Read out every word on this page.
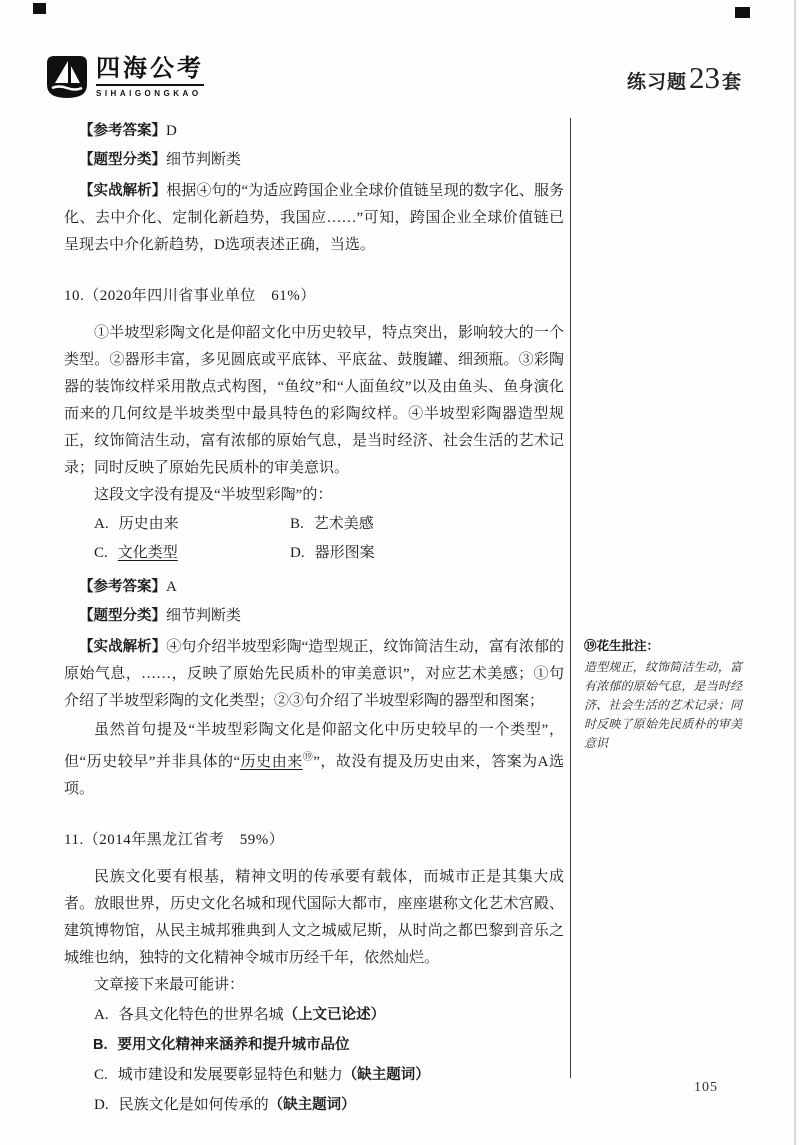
四海公考
SIHAIGONGKAO
练习题 23 套

【参考答案】D

【题型分类】细节判断类

【实战解析】根据④句的“为适应跨国企业全球价值链呈现的数字化、服务化、去中介化、定制化新趋势，我国应……”可知，跨国企业全球价值链已呈现去中介化新趋势，D选项表述正确，当选。

10.（2020年四川省事业单位　61%）

①半坡型彩陶文化是仰韶文化中历史较早，特点突出，影响较大的一个类型。②器形丰富，多见圆底或平底钵、平底盆、鼓腹罐、细颈瓶。③彩陶器的装饰纹样采用散点式构图，“鱼纹”和“人面鱼纹”以及由鱼头、鱼身演化而来的几何纹是半坡类型中最具特色的彩陶纹样。④半坡型彩陶器造型规正，纹饰简洁生动，富有浓郁的原始气息，是当时经济、社会生活的艺术记录；同时反映了原始先民质朴的审美意识。

这段文字没有提及“半坡型彩陶”的：

A. 历史由来	B. 艺术美感
C. 文化类型	D. 器形图案

【参考答案】A

【题型分类】细节判断类

【实战解析】④句介绍半坡型彩陶“造型规正，纹饰简洁生动，富有浓郁的原始气息，……，反映了原始先民质朴的审美意识”，对应艺术美感；①句介绍了半坡型彩陶的文化类型；②③句介绍了半坡型彩陶的器型和图案；

虽然首句提及“半坡型彩陶文化是仰韶文化中历史较早的一个类型”，但“历史较早”并非具体的“历史由来⑲”，故没有提及历史由来，答案为A选项。

11.（2014年黑龙江省考　59%）

民族文化要有根基，精神文明的传承要有载体，而城市正是其集大成者。放眼世界，历史文化名城和现代国际大都市，座座堪称文化艺术宫殿、建筑博物馆，从民主城邦雅典到人文之城威尼斯，从时尚之都巴黎到音乐之城维也纳，独特的文化精神令城市历经千年，依然灿烂。

文章接下来最可能讲：

A. 各具文化特色的世界名城（上文已论述）

B. 要用文化精神来涵养和提升城市品位

C. 城市建设和发展要彰显特色和魅力（缺主题词）

D. 民族文化是如何传承的（缺主题词）

⑲花生批注：
造型规正，纹饰简洁生动，富有浓郁的原始气息，是当时经济、社会生活的艺术记录；同时反映了原始先民质朴的审美意识
105
